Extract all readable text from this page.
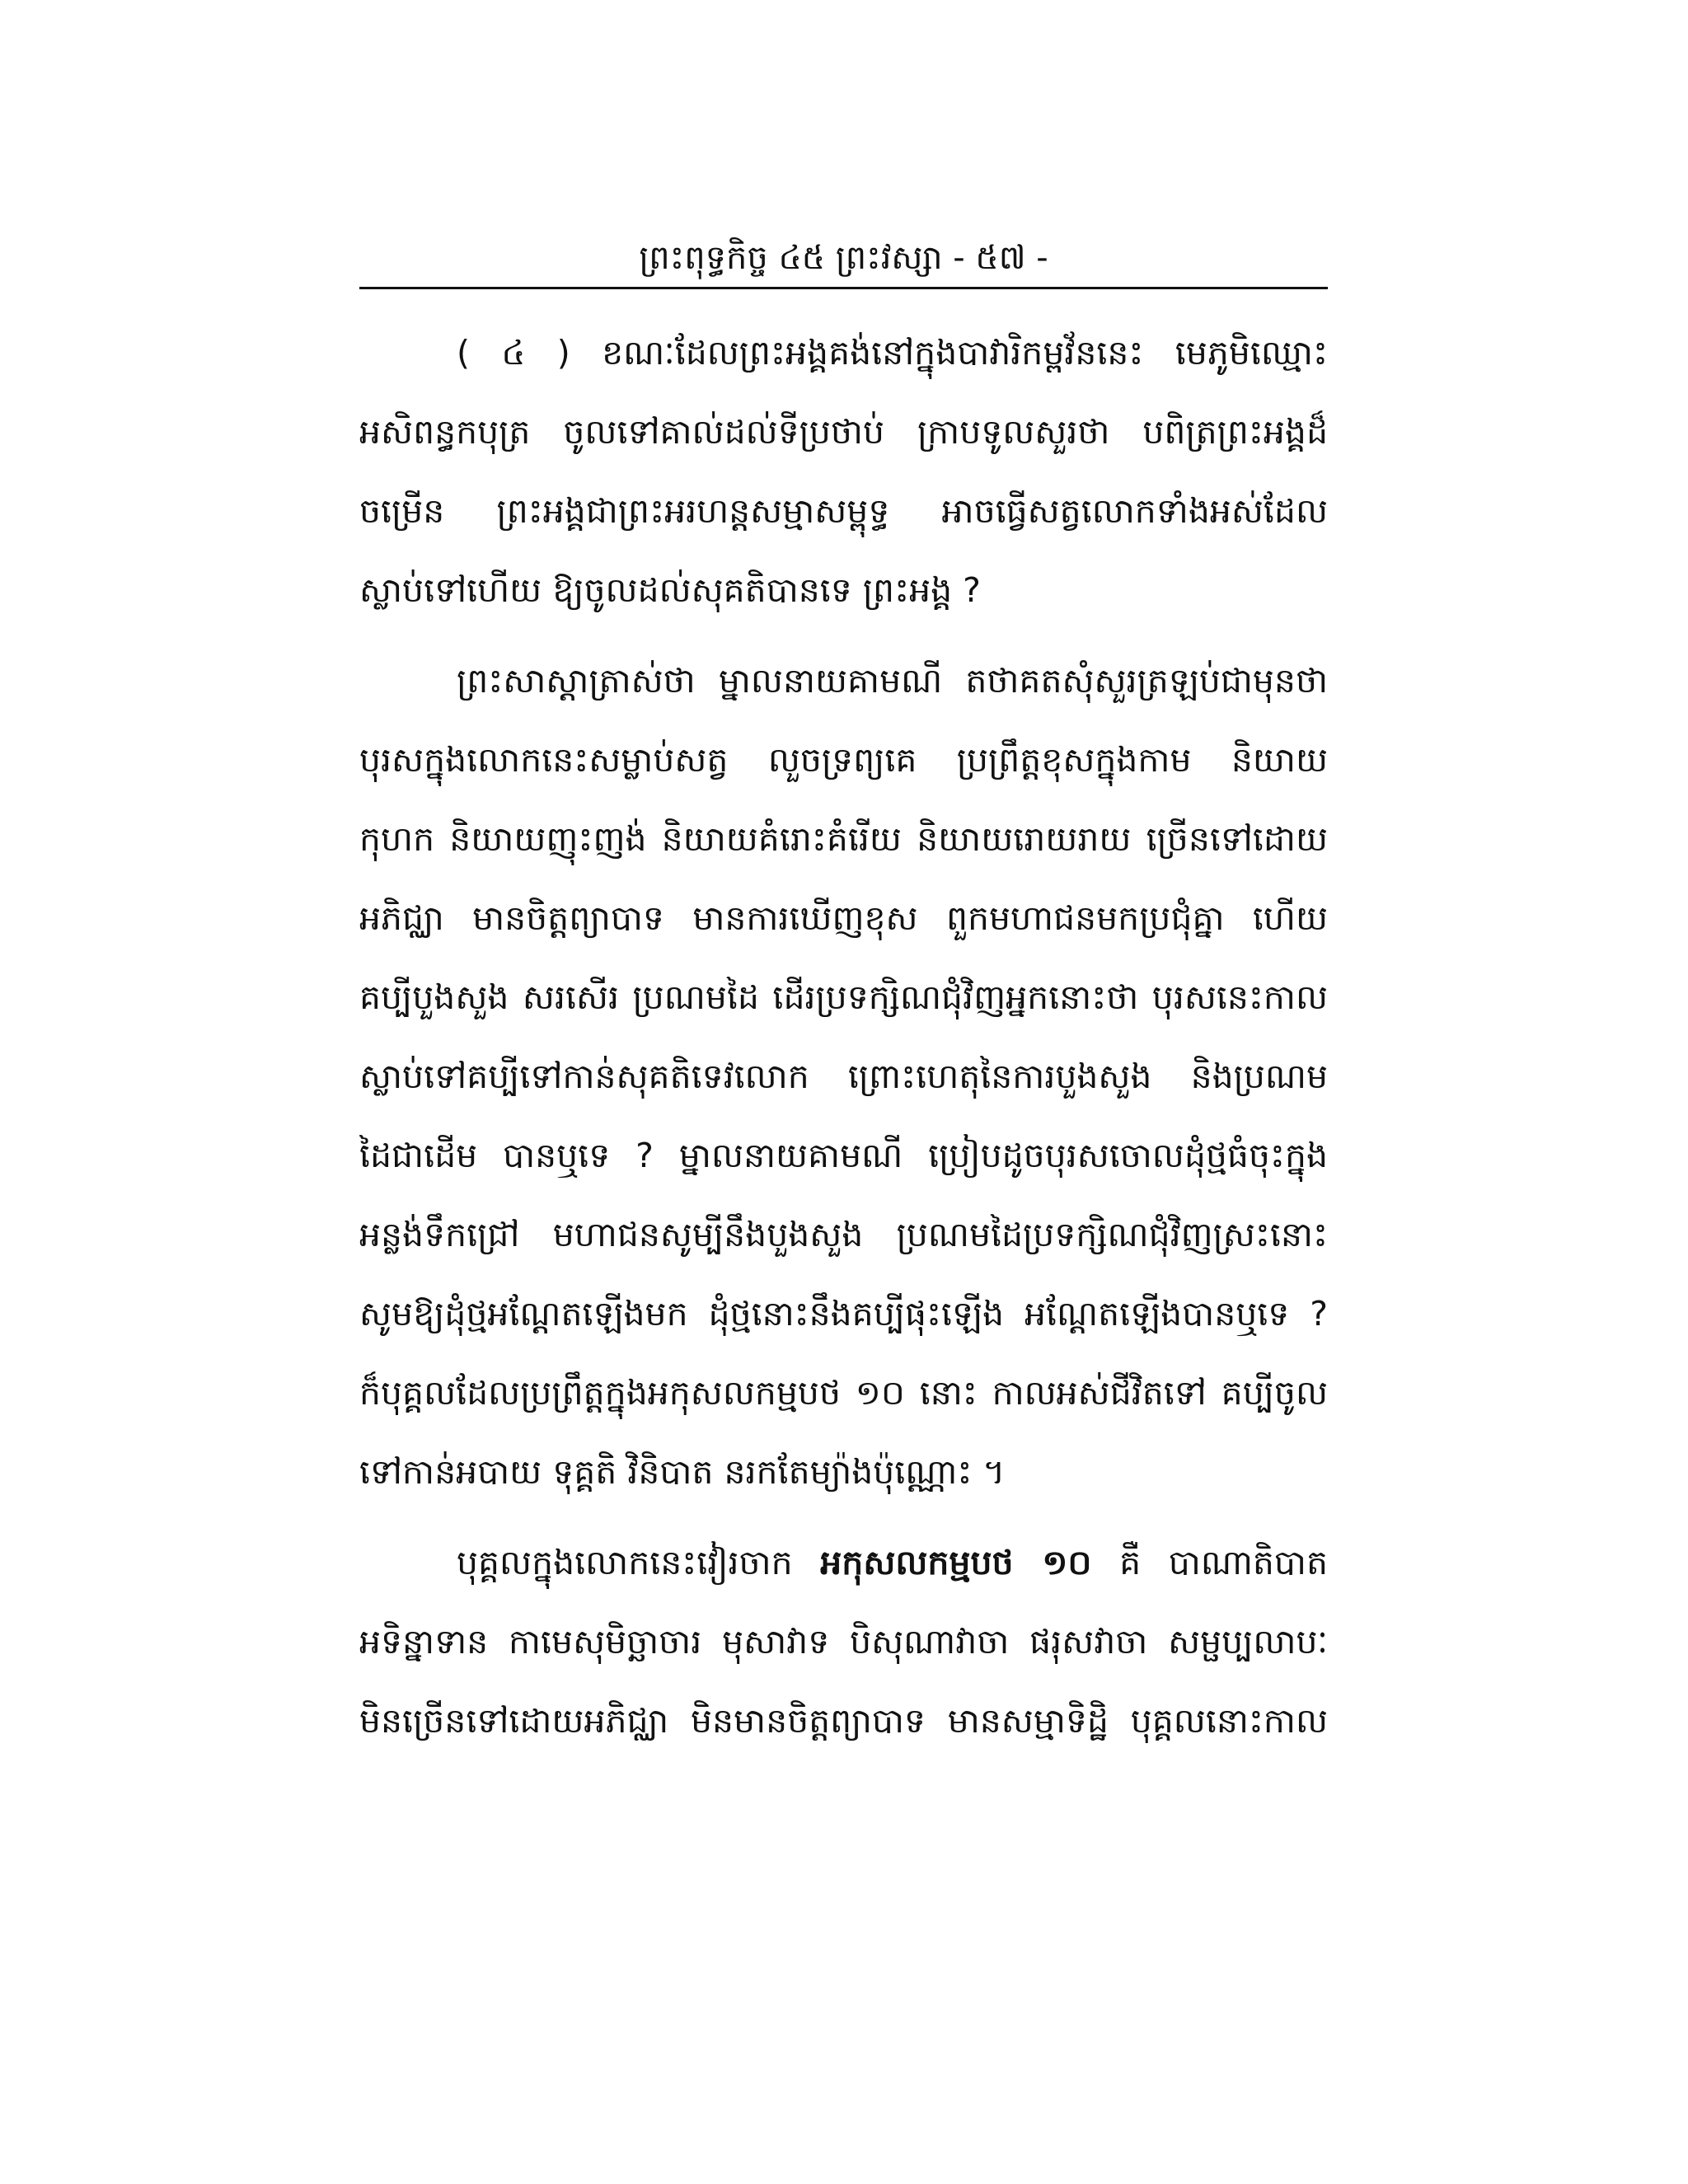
ព្រះពុទ្ធកិច្ច ៤៥ ព្រះវស្សា - ៥៧ -
( ៤ ) ខណៈដែលព្រះអង្គគង់នៅក្នុងបាវារិកម្ពវ័ននេះ មេភូមិឈ្មោះ
អសិពន្ធកបុត្រ ចូលទៅគាល់ដល់ទីប្រថាប់ ក្រាបទូលសួរថា បពិត្រព្រះអង្គដ៏
ចម្រើន ព្រះអង្គជាព្រះអរហន្តសម្មាសម្ពុទ្ធ អាចធ្វើសត្វលោកទាំងអស់ដែល
ស្លាប់ទៅហើយ ឱ្យចូលដល់សុគតិបានទេ ព្រះអង្គ ?
ព្រះសាស្តាត្រាស់ថា ម្នាលនាយគាមណី តថាគតសុំសួរត្រឡប់ជាមុនថា
បុរសក្នុងលោកនេះសម្លាប់សត្វ លួចទ្រព្យគេ ប្រព្រឹត្តខុសក្នុងកាម និយាយ
កុហក និយាយញុះញង់ និយាយគំរោះគំរើយ និយាយរោយរាយ ច្រើនទៅដោយ
អភិជ្ឈា មានចិត្តព្យាបាទ មានការឃើញខុស ពួកមហាជនមកប្រជុំគ្នា ហើយ
គប្បីបួងសួង សរសើរ ប្រណមដៃ ដើរប្រទក្សិណជុំវិញអ្នកនោះថា បុរសនេះកាល
ស្លាប់ទៅគប្បីទៅកាន់សុគតិទេវលោក ព្រោះហេតុនៃការបួងសួង និងប្រណម
ដៃជាដើម បានឬទេ ? ម្នាលនាយគាមណី ប្រៀបដូចបុរសចោលដុំថ្មធំចុះក្នុង
អន្លង់ទឹកជ្រៅ មហាជនសូម្បីនឹងបួងសួង ប្រណមដៃប្រទក្សិណជុំវិញស្រះនោះ
សូមឱ្យដុំថ្មអណ្តែតឡើងមក ដុំថ្មនោះនឹងគប្បីផុះឡើង អណ្តែតឡើងបានឬទេ ?
ក៏បុគ្គលដែលប្រព្រឹត្តក្នុងអកុសលកម្មបថ ១០ នោះ កាលអស់ជីវិតទៅ គប្បីចូល
ទៅកាន់អបាយ ទុគ្គតិ វិនិបាត នរកតែម្យ៉ាងប៉ុណ្ណោះ ។
បុគ្គលក្នុងលោកនេះវៀរចាក អកុសលកម្មបថ ១០ គឺ បាណាតិបាត
អទិន្នាទាន កាមេសុមិច្ឆាចារ មុសាវាទ បិសុណាវាចា ផរុសវាចា សម្ផប្បលាបៈ
មិនច្រើនទៅដោយអភិជ្ឈា មិនមានចិត្តព្យាបាទ មានសម្មាទិដ្ឋិ បុគ្គលនោះកាល
